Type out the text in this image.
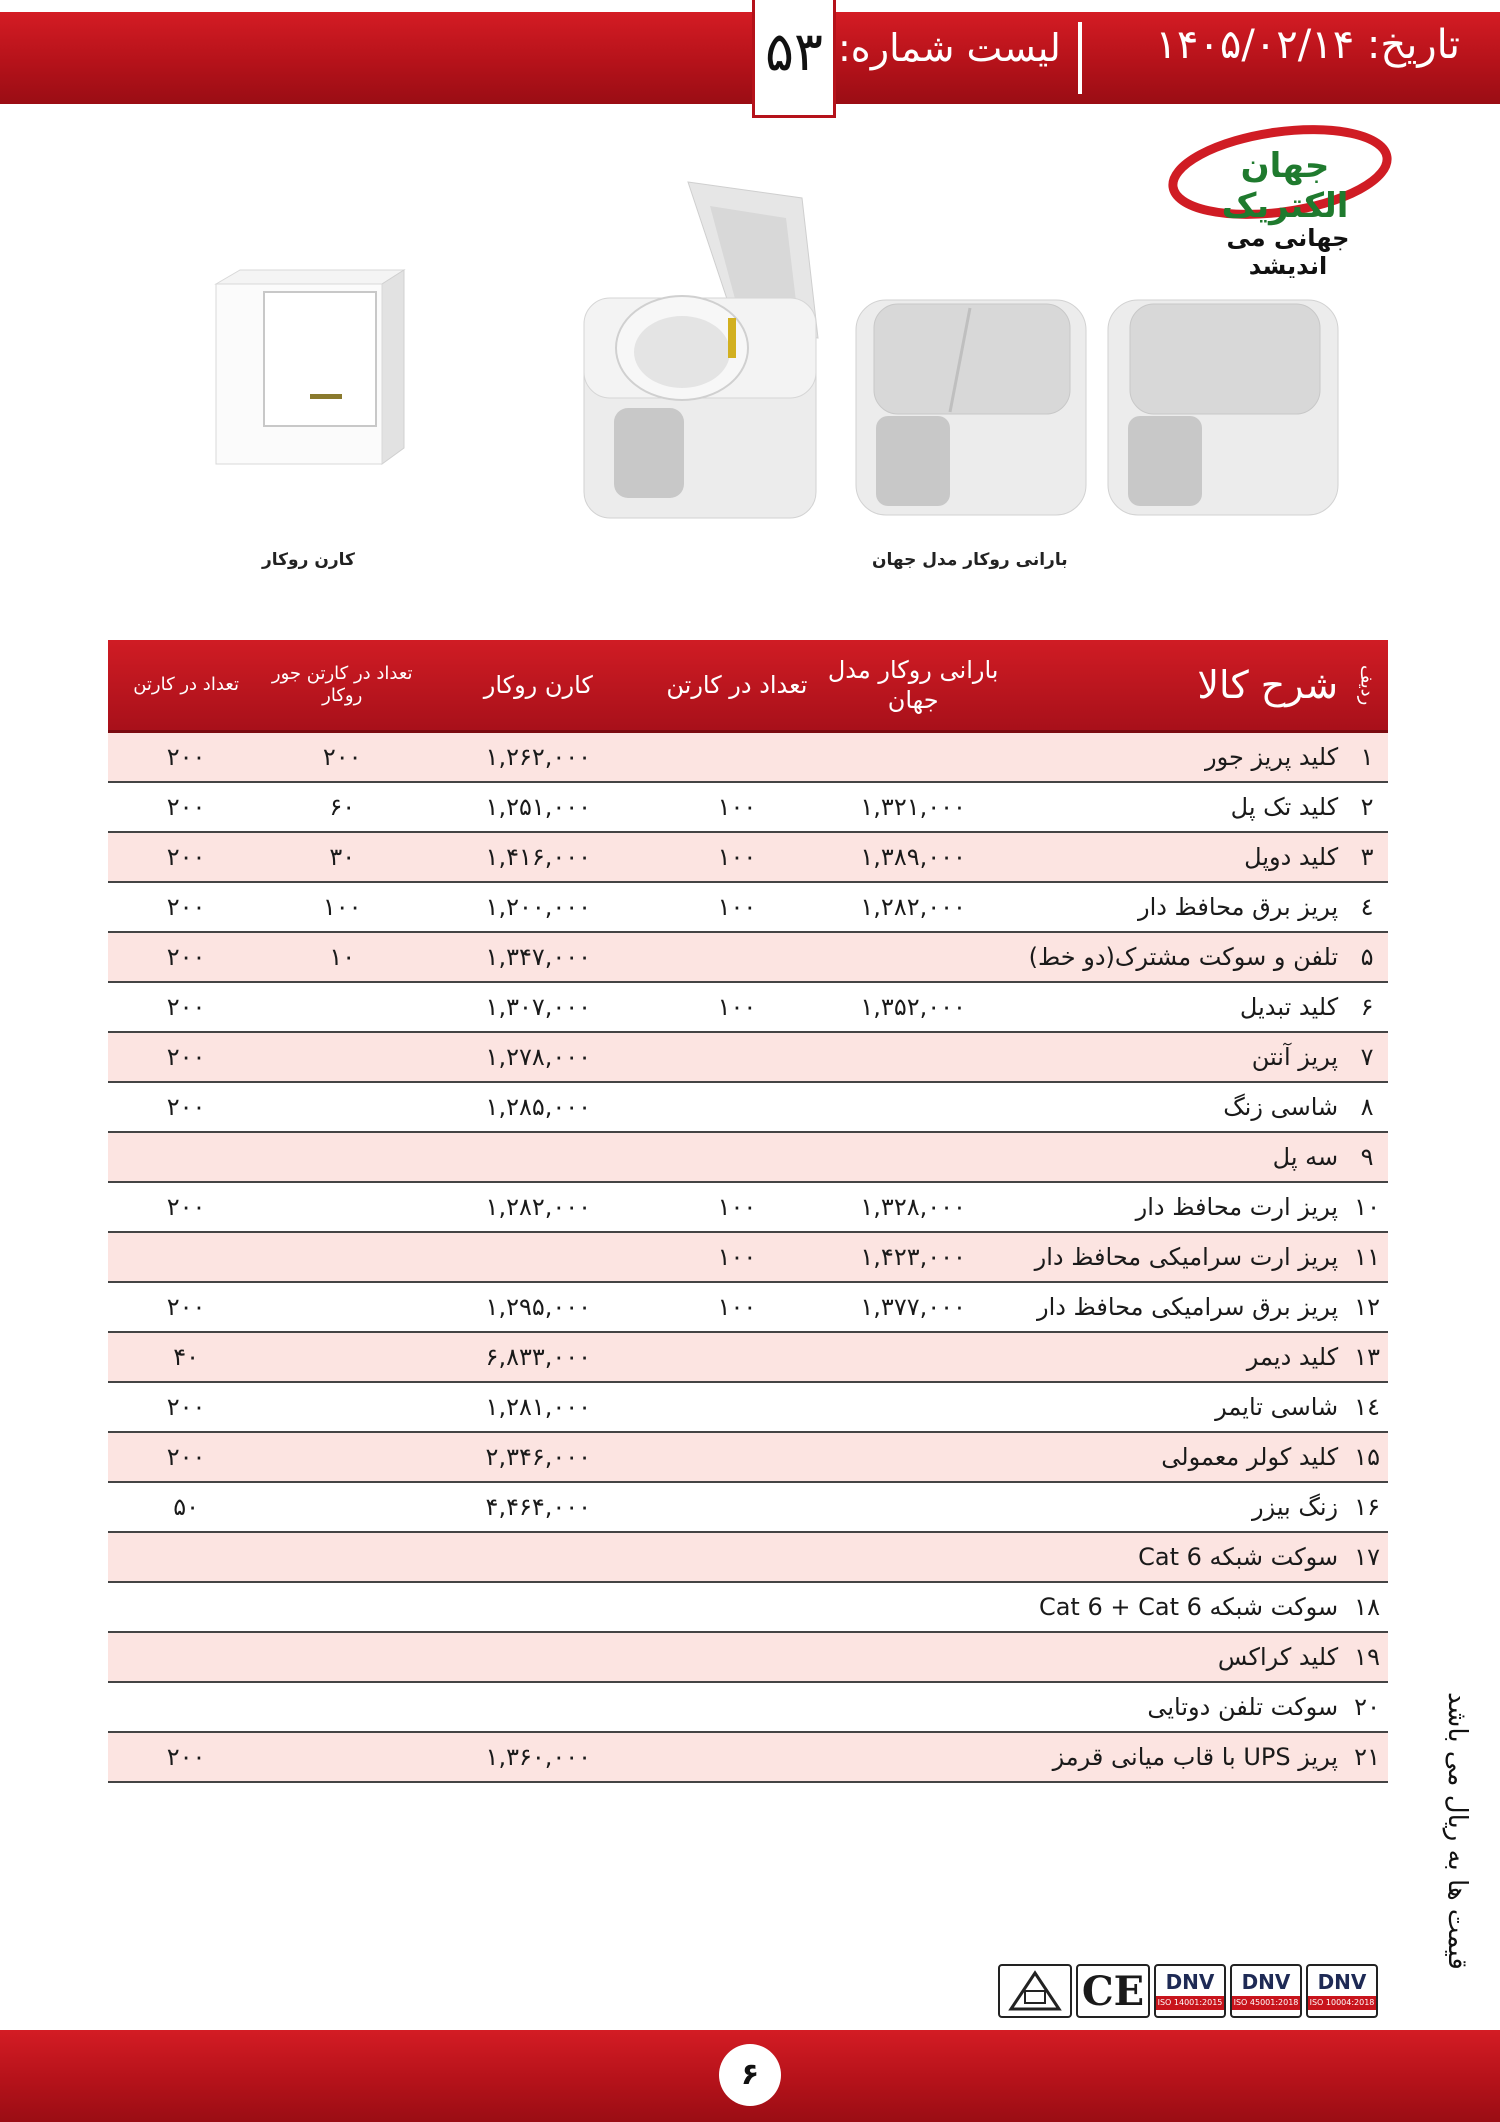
تاریخ: ۱۴۰۵/۰۲/۱۴
لیست شماره:
۵۳
جهان الکتریک
جهانی می اندیشد
بارانی روکار مدل جهان
کارن روکار
ردیف	شرح کالا	بارانی روکار مدل جهان	تعداد در کارتن	کارن روکار	تعداد در کارتن جور روکار	تعداد در کارتن
۱	کلید پریز جور			۱,۲۶۲,۰۰۰	۲۰۰	۲۰۰
۲	کلید تک پل	۱,۳۲۱,۰۰۰	۱۰۰	۱,۲۵۱,۰۰۰	۶۰	۲۰۰
۳	کلید دوپل	۱,۳۸۹,۰۰۰	۱۰۰	۱,۴۱۶,۰۰۰	۳۰	۲۰۰
٤	پریز برق محافظ دار	۱,۲۸۲,۰۰۰	۱۰۰	۱,۲۰۰,۰۰۰	۱۰۰	۲۰۰
۵	تلفن و سوکت مشترک(دو خط)			۱,۳۴۷,۰۰۰	۱۰	۲۰۰
۶	کلید تبدیل	۱,۳۵۲,۰۰۰	۱۰۰	۱,۳۰۷,۰۰۰		۲۰۰
۷	پریز آنتن			۱,۲۷۸,۰۰۰		۲۰۰
۸	شاسی زنگ			۱,۲۸۵,۰۰۰		۲۰۰
۹	سه پل					
۱۰	پریز ارت محافظ دار	۱,۳۲۸,۰۰۰	۱۰۰	۱,۲۸۲,۰۰۰		۲۰۰
۱۱	پریز ارت سرامیکی محافظ دار	۱,۴۲۳,۰۰۰	۱۰۰			
۱۲	پریز برق سرامیکی محافظ دار	۱,۳۷۷,۰۰۰	۱۰۰	۱,۲۹۵,۰۰۰		۲۰۰
۱۳	کلید دیمر			۶,۸۳۳,۰۰۰		۴۰
۱٤	شاسی تایمر			۱,۲۸۱,۰۰۰		۲۰۰
۱۵	کلید کولر معمولی			۲,۳۴۶,۰۰۰		۲۰۰
۱۶	زنگ بیزر			۴,۴۶۴,۰۰۰		۵۰
۱۷	سوکت شبکه Cat 6					
۱۸	سوکت شبکه Cat 6 + Cat 6					
۱۹	کلید کراکس					
۲۰	سوکت تلفن دوتایی					
۲۱	پریز UPS با قاب میانی قرمز			۱,۳۶۰,۰۰۰		۲۰۰	قیمت ها به ریال می باشد
CE DNV
ISO 14001:2015
DNV
ISO 45001:2018
DNV
ISO 10004:2018
۶
